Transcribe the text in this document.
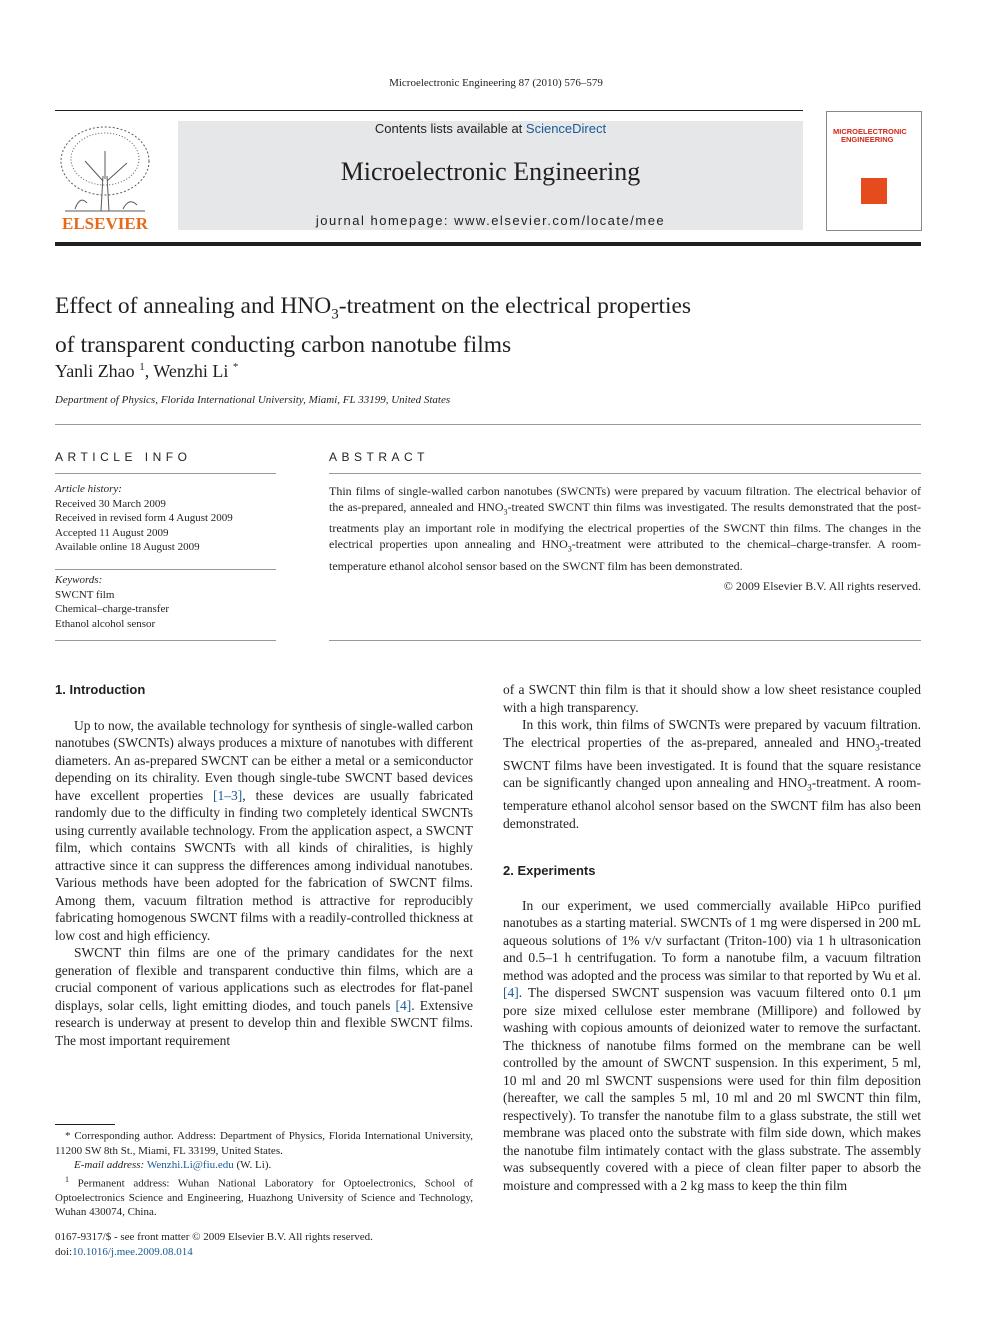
Microelectronic Engineering 87 (2010) 576–579
ELSEVIER
Contents lists available at ScienceDirect
Microelectronic Engineering
journal homepage: www.elsevier.com/locate/mee
MICROELECTRONIC
ENGINEERING
Effect of annealing and $HNO_3$-treatment on the electrical properties
of transparent conducting carbon nanotube films
Yanli Zhao $^1$, Wenzhi Li *
Department of Physics, Florida International University, Miami, FL 33199, United States
ARTICLE INFO	ABSTRACT
Article history:
Received 30 March 2009
Received in revised form 4 August 2009
Accepted 11 August 2009
Available online 18 August 2009
Keywords:
SWCNT film
Chemical–charge-transfer
Ethanol alcohol sensor
Thin films of single-walled carbon nanotubes (SWCNTs) were prepared by vacuum filtration. The electrical behavior of the as-prepared, annealed and $HNO_3$-treated SWCNT thin films was investigated. The results demonstrated that the post-treatments play an important role in modifying the electrical properties of the SWCNT thin films. The changes in the electrical properties upon annealing and $HNO_3$-treatment were attributed to the chemical–charge-transfer. A room-temperature ethanol alcohol sensor based on the SWCNT film has been demonstrated.
© 2009 Elsevier B.V. All rights reserved.
1. Introduction

Up to now, the available technology for synthesis of single-walled carbon nanotubes (SWCNTs) always produces a mixture of nanotubes with different diameters. An as-prepared SWCNT can be either a metal or a semiconductor depending on its chirality. Even though single-tube SWCNT based devices have excellent properties [1–3], these devices are usually fabricated randomly due to the difficulty in finding two completely identical SWCNTs using currently available technology. From the application aspect, a SWCNT film, which contains SWCNTs with all kinds of chiralities, is highly attractive since it can suppress the differences among individual nanotubes. Various methods have been adopted for the fabrication of SWCNT films. Among them, vacuum filtration method is attractive for reproducibly fabricating homogenous SWCNT films with a readily-controlled thickness at low cost and high efficiency.

SWCNT thin films are one of the primary candidates for the next generation of flexible and transparent conductive thin films, which are a crucial component of various applications such as electrodes for flat-panel displays, solar cells, light emitting diodes, and touch panels [4]. Extensive research is underway at present to develop thin and flexible SWCNT films. The most important requirement

of a SWCNT thin film is that it should show a low sheet resistance coupled with a high transparency.

In this work, thin films of SWCNTs were prepared by vacuum filtration. The electrical properties of the as-prepared, annealed and $HNO_3$-treated SWCNT films have been investigated. It is found that the square resistance can be significantly changed upon annealing and $HNO_3$-treatment. A room-temperature ethanol alcohol sensor based on the SWCNT film has also been demonstrated.

2. Experiments

In our experiment, we used commercially available HiPco purified nanotubes as a starting material. SWCNTs of 1 mg were dispersed in 200 mL aqueous solutions of 1% v/v surfactant (Triton-100) via 1 h ultrasonication and 0.5–1 h centrifugation. To form a nanotube film, a vacuum filtration method was adopted and the process was similar to that reported by Wu et al. [4]. The dispersed SWCNT suspension was vacuum filtered onto 0.1 μm pore size mixed cellulose ester membrane (Millipore) and followed by washing with copious amounts of deionized water to remove the surfactant. The thickness of nanotube films formed on the membrane can be well controlled by the amount of SWCNT suspension. In this experiment, 5 ml, 10 ml and 20 ml SWCNT suspensions were used for thin film deposition (hereafter, we call the samples 5 ml, 10 ml and 20 ml SWCNT thin film, respectively). To transfer the nanotube film to a glass substrate, the still wet membrane was placed onto the substrate with film side down, which makes the nanotube film intimately contact with the glass substrate. The assembly was subsequently covered with a piece of clean filter paper to absorb the moisture and compressed with a 2 kg mass to keep the thin film

* Corresponding author. Address: Department of Physics, Florida International University, 11200 SW 8th St., Miami, FL 33199, United States.

E-mail address: Wenzhi.Li@fiu.edu (W. Li).

$^1$ Permanent address: Wuhan National Laboratory for Optoelectronics, School of Optoelectronics Science and Engineering, Huazhong University of Science and Technology, Wuhan 430074, China.

0167-9317/$ - see front matter © 2009 Elsevier B.V. All rights reserved.
doi:10.1016/j.mee.2009.08.014
